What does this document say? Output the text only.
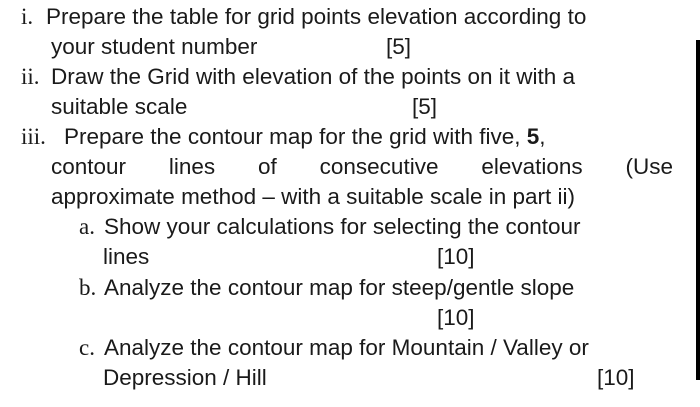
i. Prepare the table for grid points elevation according to
your student number	[5]
ii. Draw the Grid with elevation of the points on it with a
suitable scale	[5]
iii. Prepare the contour map for the grid with five, 5,
contour lines of consecutive elevations (Use
approximate method – with a suitable scale in part ii)
a. Show your calculations for selecting the contour
lines	[10]
b. Analyze the contour map for steep/gentle slope
[10]
c. Analyze the contour map for Mountain / Valley or
Depression / Hill	[10]
